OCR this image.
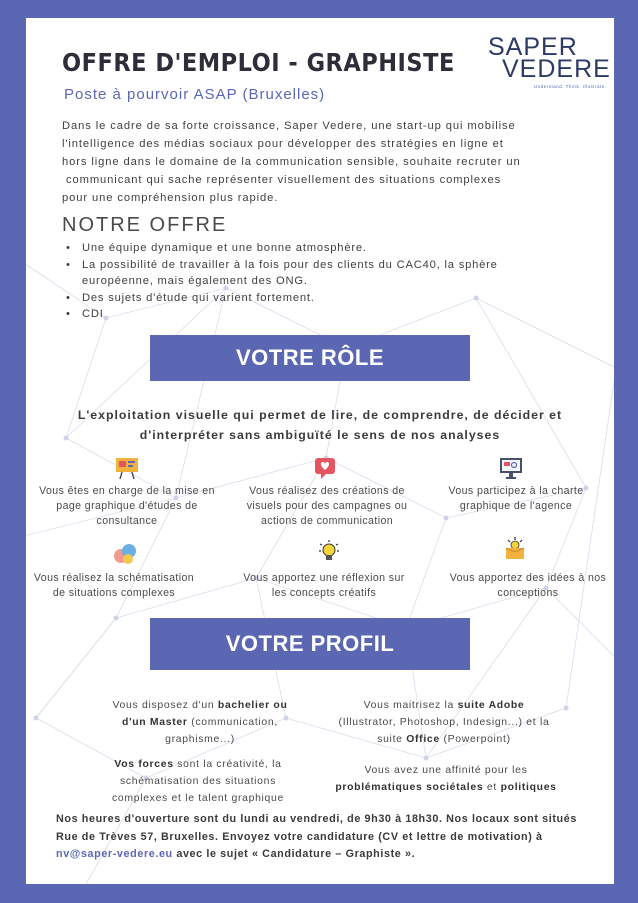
OFFRE D'EMPLOI - GRAPHISTE
Poste à pourvoir ASAP (Bruxelles)
SAPER
VEDERE
Understand. Think. Illustrate.
Dans le cadre de sa forte croissance, Saper Vedere, une start-up qui mobilise
l'intelligence des médias sociaux pour développer des stratégies en ligne et
hors ligne dans le domaine de la communication sensible, souhaite recruter un
communicant qui sache représenter visuellement des situations complexes
pour une compréhension plus rapide.
NOTRE OFFRE
• Une équipe dynamique et une bonne atmosphère.
• La possibilité de travailler à la fois pour des clients du CAC40, la sphère européenne, mais également des ONG.
• Des sujets d'étude qui varient fortement.
• CDI
VOTRE RÔLE
L'exploitation visuelle qui permet de lire, de comprendre, de décider et d'interpréter sans ambiguïté le sens de nos analyses
Vous êtes en charge de la mise en page graphique d'études de consultance
Vous réalisez des créations de visuels pour des campagnes ou actions de communication
Vous participez à la charte graphique de l'agence
Vous réalisez la schématisation de situations complexes
Vous apportez une réflexion sur les concepts créatifs
Vous apportez des idées à nos conceptions
VOTRE PROFIL
Vous disposez d'un bachelier ou d'un Master (communication, graphisme...)
Vous maitrisez la suite Adobe (Illustrator, Photoshop, Indesign...) et la suite Office (Powerpoint)
Vos forces sont la créativité, la schématisation des situations complexes et le talent graphique
Vous avez une affinité pour les problématiques sociétales et politiques
Nos heures d'ouverture sont du lundi au vendredi, de 9h30 à 18h30. Nos locaux sont situés
Rue de Trèves 57, Bruxelles. Envoyez votre candidature (CV et lettre de motivation) à
nv@saper-vedere.eu avec le sujet « Candidature – Graphiste ».
